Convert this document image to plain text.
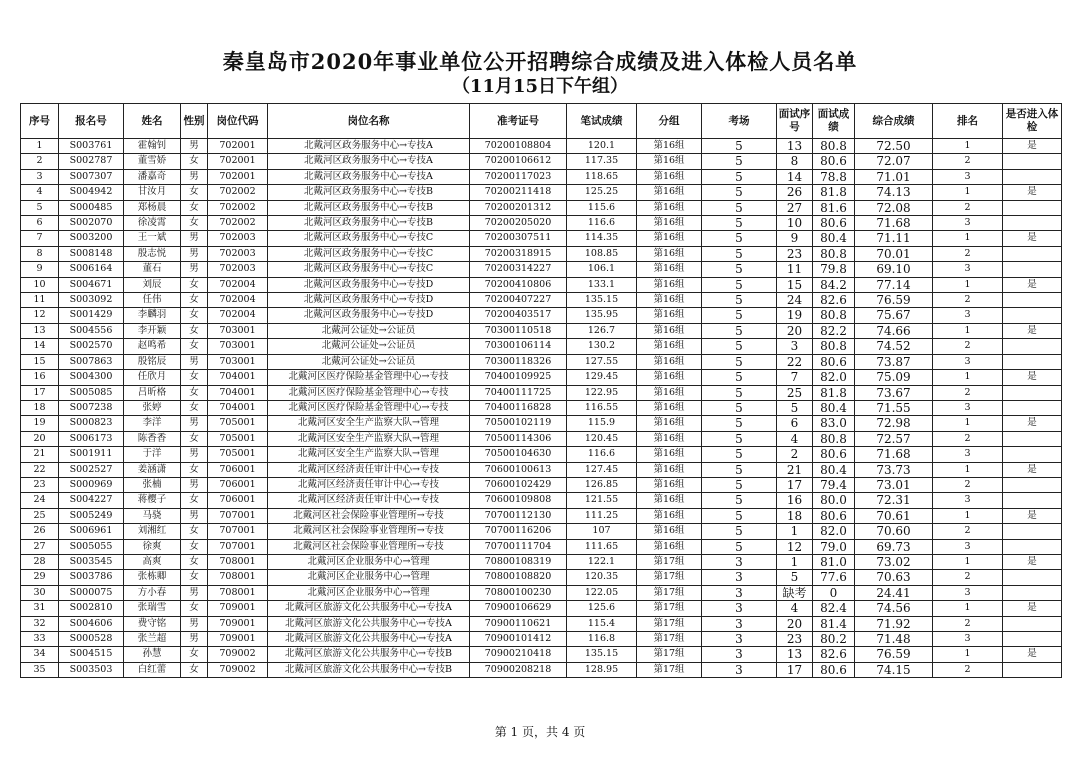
秦皇岛市2020年事业单位公开招聘综合成绩及进入体检人员名单
（11月15日下午组）
序号	报名号	姓名	性别	岗位代码	岗位名称	准考证号	笔试成绩	分组	考场	面试序号	面试成绩	综合成绩	排名	是否进入体检
1	S003761	霍翰钊	男	702001	北戴河区政务服务中心→专技A	70200108804	120.1	第16组	5	13	80.8	72.50	1	是
2	S002787	董雪娇	女	702001	北戴河区政务服务中心→专技A	70200106612	117.35	第16组	5	8	80.6	72.07	2	
3	S007307	潘嘉奇	男	702001	北戴河区政务服务中心→专技A	70200117023	118.65	第16组	5	14	78.8	71.01	3	
4	S004942	甘汝月	女	702002	北戴河区政务服务中心→专技B	70200211418	125.25	第16组	5	26	81.8	74.13	1	是
5	S000485	郑杨晨	女	702002	北戴河区政务服务中心→专技B	70200201312	115.6	第16组	5	27	81.6	72.08	2	
6	S002070	徐凌霄	女	702002	北戴河区政务服务中心→专技B	70200205020	116.6	第16组	5	10	80.6	71.68	3	
7	S003200	王一斌	男	702003	北戴河区政务服务中心→专技C	70200307511	114.35	第16组	5	9	80.4	71.11	1	是
8	S008148	殷志悦	男	702003	北戴河区政务服务中心→专技C	70200318915	108.85	第16组	5	23	80.8	70.01	2	
9	S006164	董石	男	702003	北戴河区政务服务中心→专技C	70200314227	106.1	第16组	5	11	79.8	69.10	3	
10	S004671	刘辰	女	702004	北戴河区政务服务中心→专技D	70200410806	133.1	第16组	5	15	84.2	77.14	1	是
11	S003092	任伟	女	702004	北戴河区政务服务中心→专技D	70200407227	135.15	第16组	5	24	82.6	76.59	2	
12	S001429	李麟羽	女	702004	北戴河区政务服务中心→专技D	70200403517	135.95	第16组	5	19	80.8	75.67	3	
13	S004556	李开颖	女	703001	北戴河公证处→公证员	70300110518	126.7	第16组	5	20	82.2	74.66	1	是
14	S002570	赵鸣希	女	703001	北戴河公证处→公证员	70300106114	130.2	第16组	5	3	80.8	74.52	2	
15	S007863	殷铭辰	男	703001	北戴河公证处→公证员	70300118326	127.55	第16组	5	22	80.6	73.87	3	
16	S004300	任欣月	女	704001	北戴河区医疗保险基金管理中心→专技	70400109925	129.45	第16组	5	7	82.0	75.09	1	是
17	S005085	吕昕格	女	704001	北戴河区医疗保险基金管理中心→专技	70400111725	122.95	第16组	5	25	81.8	73.67	2	
18	S007238	张婷	女	704001	北戴河区医疗保险基金管理中心→专技	70400116828	116.55	第16组	5	5	80.4	71.55	3	
19	S000823	李洋	男	705001	北戴河区安全生产监察大队→管理	70500102119	115.9	第16组	5	6	83.0	72.98	1	是
20	S006173	陈香香	女	705001	北戴河区安全生产监察大队→管理	70500114306	120.45	第16组	5	4	80.8	72.57	2	
21	S001911	于洋	男	705001	北戴河区安全生产监察大队→管理	70500104630	116.6	第16组	5	2	80.6	71.68	3	
22	S002527	姜涵潇	女	706001	北戴河区经济责任审计中心→专技	70600100613	127.45	第16组	5	21	80.4	73.73	1	是
23	S000969	张楠	男	706001	北戴河区经济责任审计中心→专技	70600102429	126.85	第16组	5	17	79.4	73.01	2	
24	S004227	蒋樱子	女	706001	北戴河区经济责任审计中心→专技	70600109808	121.55	第16组	5	16	80.0	72.31	3	
25	S005249	马骁	男	707001	北戴河区社会保险事业管理所→专技	70700112130	111.25	第16组	5	18	80.6	70.61	1	是
26	S006961	刘湘红	女	707001	北戴河区社会保险事业管理所→专技	70700116206	107	第16组	5	1	82.0	70.60	2	
27	S005055	徐爽	女	707001	北戴河区社会保险事业管理所→专技	70700111704	111.65	第16组	5	12	79.0	69.73	3	
28	S003545	高爽	女	708001	北戴河区企业服务中心→管理	70800108319	122.1	第17组	3	1	81.0	73.02	1	是
29	S003786	张栋卿	女	708001	北戴河区企业服务中心→管理	70800108820	120.35	第17组	3	5	77.6	70.63	2	
30	S000075	方小春	男	708001	北戴河区企业服务中心→管理	70800100230	122.05	第17组	3	缺考	0	24.41	3	
31	S002810	张瑞雪	女	709001	北戴河区旅游文化公共服务中心→专技A	70900106629	125.6	第17组	3	4	82.4	74.56	1	是
32	S004606	费守铭	男	709001	北戴河区旅游文化公共服务中心→专技A	70900110621	115.4	第17组	3	20	81.4	71.92	2	
33	S000528	张兰超	男	709001	北戴河区旅游文化公共服务中心→专技A	70900101412	116.8	第17组	3	23	80.2	71.48	3	
34	S004515	孙慧	女	709002	北戴河区旅游文化公共服务中心→专技B	70900210418	135.15	第17组	3	13	82.6	76.59	1	是
35	S003503	白红蕾	女	709002	北戴河区旅游文化公共服务中心→专技B	70900208218	128.95	第17组	3	17	80.6	74.15	2	
第 1 页，共 4 页
